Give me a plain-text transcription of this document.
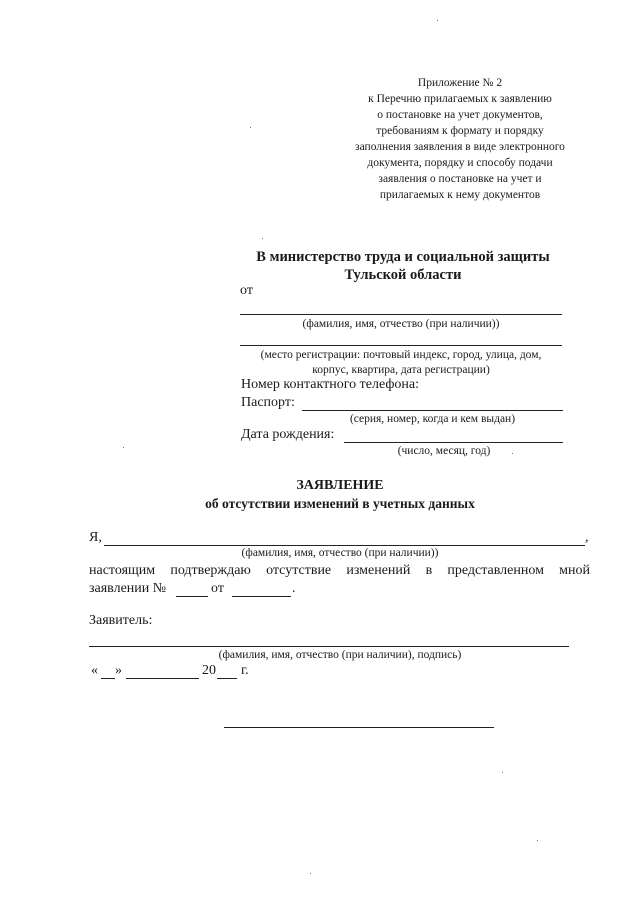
Приложение № 2
к Перечню прилагаемых к заявлению
о постановке на учет документов,
требованиям к формату и порядку
заполнения заявления в виде электронного
документа, порядку и способу подачи
заявления о постановке на учет и
прилагаемых к нему документов
В министерство труда и социальной защиты
Тульской области
от
(фамилия, имя, отчество (при наличии))
(место регистрации: почтовый индекс, город, улица, дом,
корпус, квартира, дата регистрации)
Номер контактного телефона:
Паспорт:
(серия, номер, когда и кем выдан)
Дата рождения:
(число, месяц, год)
ЗАЯВЛЕНИЕ
об отсутствии изменений в учетных данных
Я,	,
(фамилия, имя, отчество (при наличии))
настоящим подтверждаю отсутствие изменений в представленном мной
заявлении №	от	.
Заявитель:
(фамилия, имя, отчество (при наличии), подпись)
« »	20 г.
